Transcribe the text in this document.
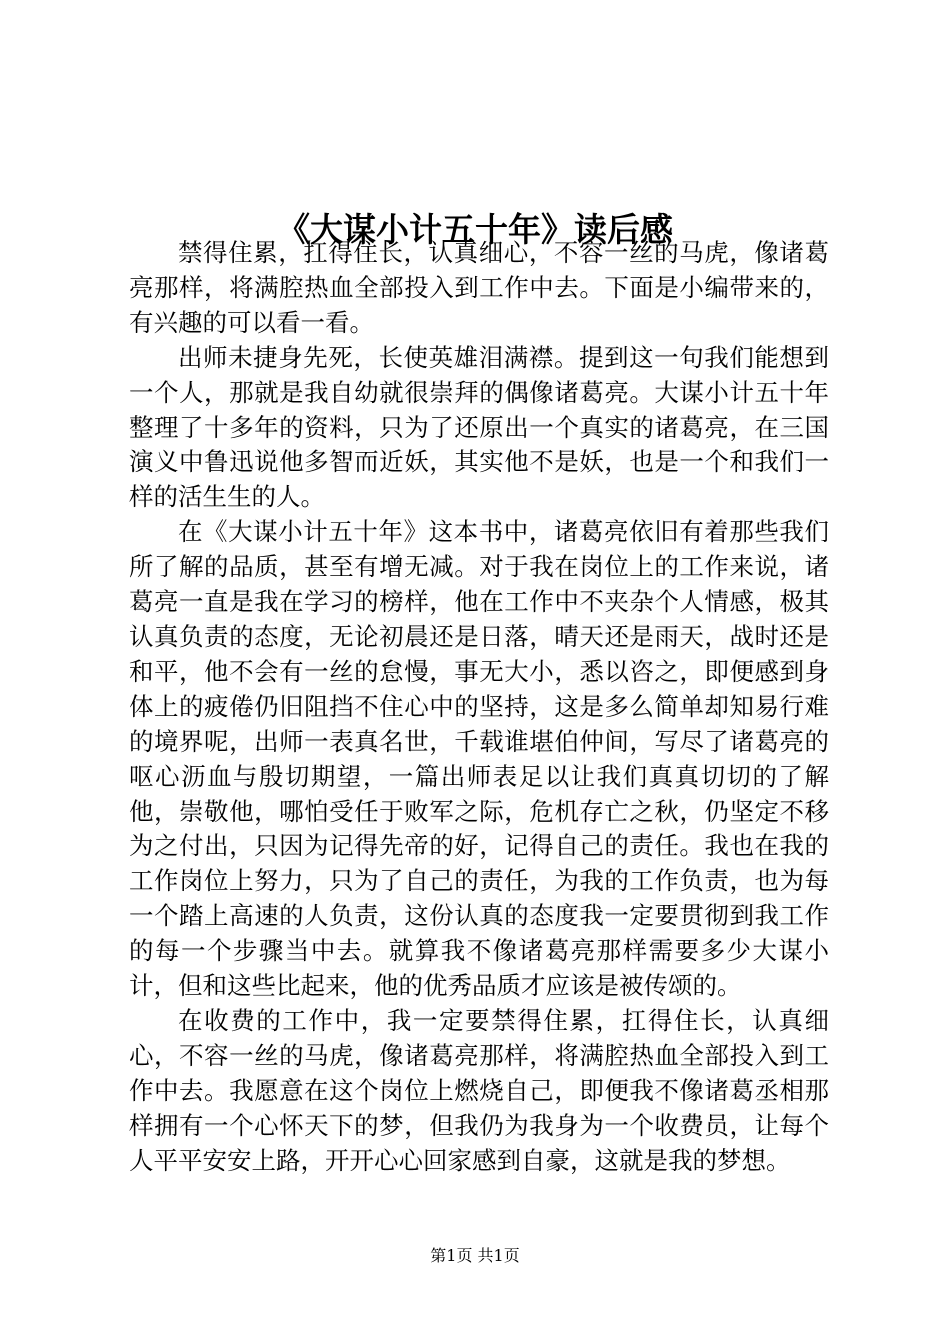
《大谋小计五十年》读后感

禁得住累，扛得住长，认真细心，不容一丝的马虎，像诸葛亮那样，将满腔热血全部投入到工作中去。下面是小编带来的，有兴趣的可以看一看。

出师未捷身先死，长使英雄泪满襟。提到这一句我们能想到一个人，那就是我自幼就很崇拜的偶像诸葛亮。大谋小计五十年整理了十多年的资料，只为了还原出一个真实的诸葛亮，在三国演义中鲁迅说他多智而近妖，其实他不是妖，也是一个和我们一样的活生生的人。

在《大谋小计五十年》这本书中，诸葛亮依旧有着那些我们所了解的品质，甚至有增无减。对于我在岗位上的工作来说，诸葛亮一直是我在学习的榜样，他在工作中不夹杂个人情感，极其认真负责的态度，无论初晨还是日落，晴天还是雨天，战时还是和平，他不会有一丝的怠慢，事无大小，悉以咨之，即便感到身体上的疲倦仍旧阻挡不住心中的坚持，这是多么简单却知易行难的境界呢，出师一表真名世，千载谁堪伯仲间，写尽了诸葛亮的呕心沥血与殷切期望，一篇出师表足以让我们真真切切的了解他，崇敬他，哪怕受任于败军之际，危机存亡之秋，仍坚定不移为之付出，只因为记得先帝的好，记得自己的责任。我也在我的工作岗位上努力，只为了自己的责任，为我的工作负责，也为每一个踏上高速的人负责，这份认真的态度我一定要贯彻到我工作的每一个步骤当中去。就算我不像诸葛亮那样需要多少大谋小计，但和这些比起来，他的优秀品质才应该是被传颂的。

在收费的工作中，我一定要禁得住累，扛得住长，认真细心，不容一丝的马虎，像诸葛亮那样，将满腔热血全部投入到工作中去。我愿意在这个岗位上燃烧自己，即便我不像诸葛丞相那样拥有一个心怀天下的梦，但我仍为我身为一个收费员，让每个人平平安安上路，开开心心回家感到自豪，这就是我的梦想。

第1页 共1页
